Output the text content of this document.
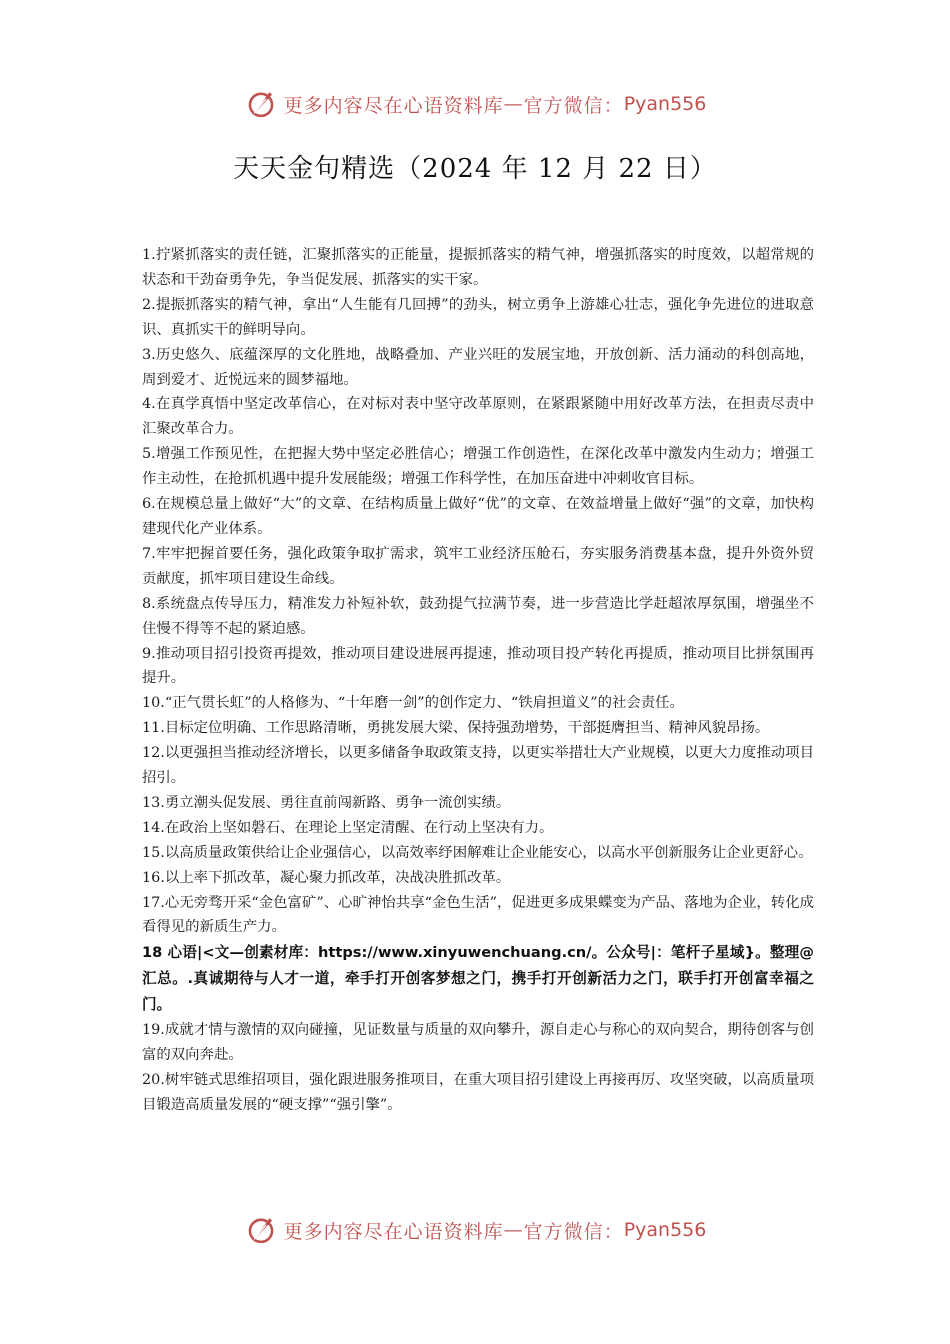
更多内容尽在心语资料库 — 官方微信： Pyan556
天天金句精选（2024 年 12 月 22 日）

1.拧紧抓落实的责任链，汇聚抓落实的正能量，提振抓落实的精气神，增强抓落实的时度效，以超常规的状态和干劲奋勇争先，争当促发展、抓落实的实干家。

2.提振抓落实的精气神，拿出“人生能有几回搏”的劲头，树立勇争上游雄心壮志，强化争先进位的进取意识、真抓实干的鲜明导向。

3.历史悠久、底蕴深厚的文化胜地，战略叠加、产业兴旺的发展宝地，开放创新、活力涌动的科创高地，周到爱才、近悦远来的圆梦福地。

4.在真学真悟中坚定改革信心，在对标对表中坚守改革原则，在紧跟紧随中用好改革方法，在担责尽责中汇聚改革合力。

5.增强工作预见性，在把握大势中坚定必胜信心；增强工作创造性，在深化改革中激发内生动力；增强工作主动性，在抢抓机遇中提升发展能级；增强工作科学性，在加压奋进中冲刺收官目标。

6.在规模总量上做好“大”的文章、在结构质量上做好“优”的文章、在效益增量上做好“强”的文章，加快构建现代化产业体系。

7.牢牢把握首要任务，强化政策争取扩需求，筑牢工业经济压舱石，夯实服务消费基本盘，提升外资外贸贡献度，抓牢项目建设生命线。

8.系统盘点传导压力，精准发力补短补软，鼓劲提气拉满节奏，进一步营造比学赶超浓厚氛围，增强坐不住慢不得等不起的紧迫感。

9.推动项目招引投资再提效，推动项目建设进展再提速，推动项目投产转化再提质，推动项目比拼氛围再提升。

10.“正气贯长虹”的人格修为、“十年磨一剑”的创作定力、“铁肩担道义”的社会责任。

11.目标定位明确、工作思路清晰，勇挑发展大梁、保持强劲增势，干部挺膺担当、精神风貌昂扬。

12.以更强担当推动经济增长，以更多储备争取政策支持，以更实举措壮大产业规模，以更大力度推动项目招引。

13.勇立潮头促发展、勇往直前闯新路、勇争一流创实绩。

14.在政治上坚如磐石、在理论上坚定清醒、在行动上坚决有力。

15.以高质量政策供给让企业强信心，以高效率纾困解难让企业能安心，以高水平创新服务让企业更舒心。

16.以上率下抓改革，凝心聚力抓改革，决战决胜抓改革。

17.心无旁骛开采“金色富矿”、心旷神怡共享“金色生活”，促进更多成果蝶变为产品、落地为企业，转化成看得见的新质生产力。

18 心语|<文—创素材库：https://www.xinyuwenchuang.cn/。公众号|：笔杆子星域}。整理@汇总。.真诚期待与人才一道，牵手打开创客梦想之门，携手打开创新活力之门，联手打开创富幸福之门。

19.成就才情与激情的双向碰撞，见证数量与质量的双向攀升，源自走心与称心的双向契合，期待创客与创富的双向奔赴。

20.树牢链式思维招项目，强化跟进服务推项目，在重大项目招引建设上再接再厉、攻坚突破，以高质量项目锻造高质量发展的“硬支撑”“强引擎”。

更多内容尽在心语资料库 — 官方微信： Pyan556
